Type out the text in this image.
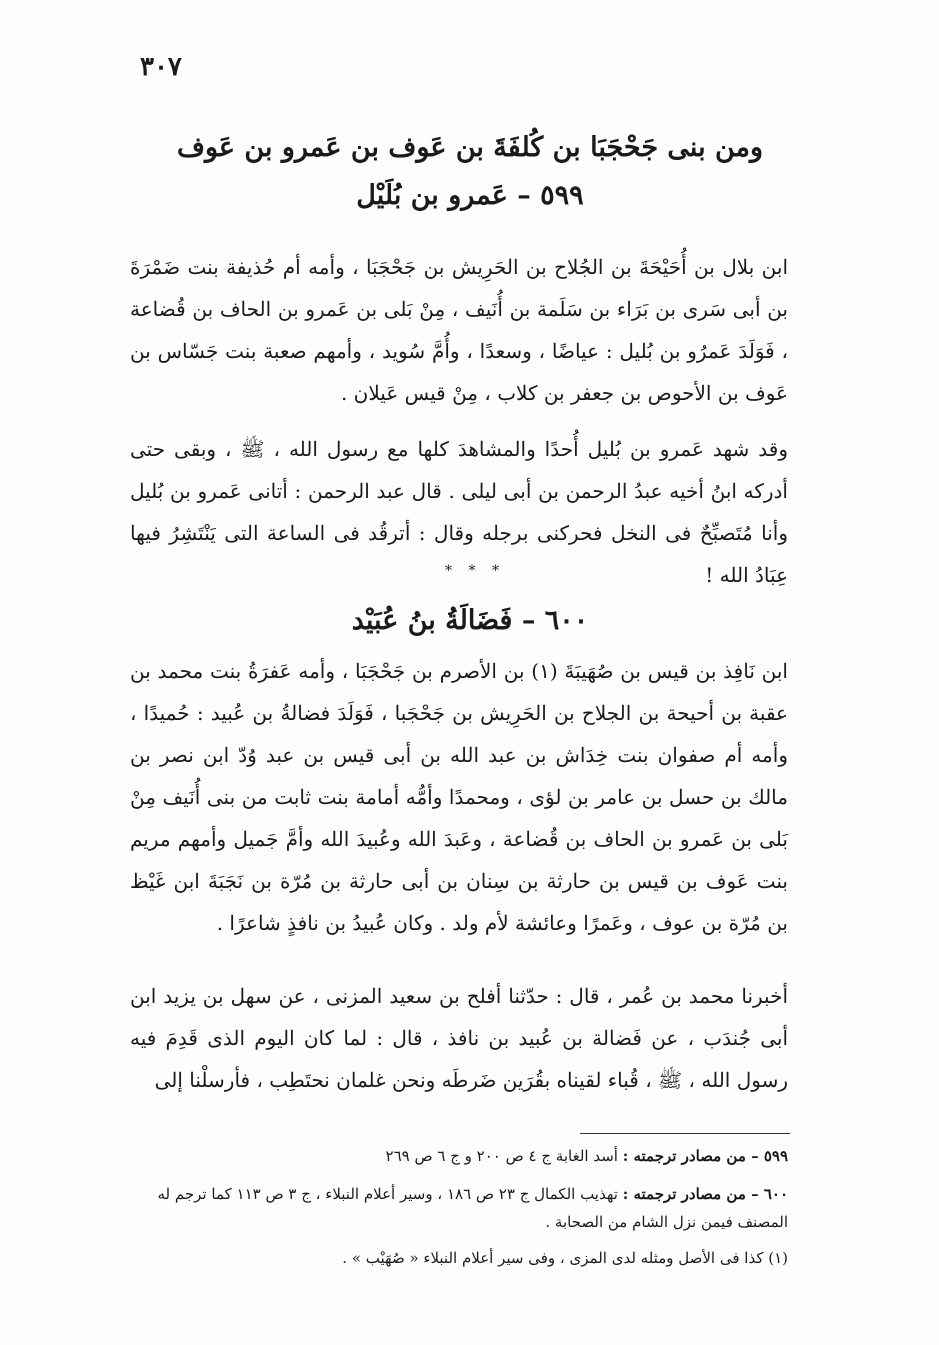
٣٠٧
ومن بنى جَحْجَبَا بن كُلفَةَ بن عَوف بن عَمرو بن عَوف
٥٩٩ – عَمرو بن بُلَيْل
ابن بلال بن أُحَيْحَةَ بن الجُلاح بن الحَرِيش بن جَحْجَبَا ، وأمه أم حُذيفة بنت ضَمْرَةَ بن أبى سَرى بن بَرَاء بن سَلَمة بن أُنَيف ، مِنْ بَلى بن عَمرو بن الحاف بن قُضاعة ، فَوَلَدَ عَمرُو بن بُليل : عياضًا ، وسعدًا ، وأُمَّ سُويد ، وأمهم صعبة بنت جَسّاس بن عَوف بن الأحوص بن جعفر بن كلاب ، مِنْ قيس عَيلان .
وقد شهد عَمرو بن بُليل أُحدًا والمشاهدَ كلها مع رسول الله ، ﷺ ، وبقى حتى أدركه ابنُ أخيه عبدُ الرحمن بن أبى ليلى . قال عبد الرحمن : أتانى عَمرو بن بُليل وأنا مُتَصبِّحٌ فى النخل فحركنى برجله وقال : أترقُد فى الساعة التى يَنْتَشِرُ فيها عِبَادُ الله !
* * *
٦٠٠ – فَضَالَةُ بنُ عُبَيْد
ابن نَافِذ بن قيس بن صُهَيبَةَ (١) بن الأصرم بن جَحْجَبَا ، وأمه عَفرَةُ بنت محمد بن عقبة بن أحيحة بن الجلاح بن الحَرِيش بن جَحْجَبا ، فَوَلَدَ فضالةُ بن عُبيد : حُميدًا ، وأمه أم صفوان بنت خِدَاش بن عبد الله بن أبى قيس بن عبد وُدّ ابن نصر بن مالك بن حسل بن عامر بن لؤى ، ومحمدًا وأمُّه أمامة بنت ثابت من بنى أُنَيف مِنْ بَلى بن عَمرو بن الحاف بن قُضاعة ، وعَبدَ الله وعُبيدَ الله وأمَّ جَميل وأمهم مريم بنت عَوف بن قيس بن حارثة بن سِنان بن أبى حارثة بن مُرّة بن نَجَبَةَ ابن غَيْظ بن مُرّة بن عوف ، وعَمرًا وعائشة لأم ولد . وكان عُبيدُ بن نافذٍ شاعرًا .
أخبرنا محمد بن عُمر ، قال : حدّثنا أفلح بن سعيد المزنى ، عن سهل بن يزيد ابن أبى جُندَب ، عن فَضالة بن عُبيد بن نافذ ، قال : لما كان اليوم الذى قَدِمَ فيه رسول الله ، ﷺ ، قُباء لقيناه بقُرَين ضَرطَه ونحن غلمان نحتَطِب ، فأرسلْنا إلى
٥٩٩ – من مصادر ترجمته : أسد الغابة ج ٤ ص ٢٠٠ و ج ٦ ص ٢٦٩
٦٠٠ – من مصادر ترجمته : تهذيب الكمال ج ٢٣ ص ١٨٦ ، وسير أعلام النبلاء ، ج ٣ ص ١١٣ كما ترجم له المصنف فيمن نزل الشام من الصحابة .
(١) كذا فى الأصل ومثله لدى المزى ، وفى سير أعلام النبلاء « صُهَيْب » .
